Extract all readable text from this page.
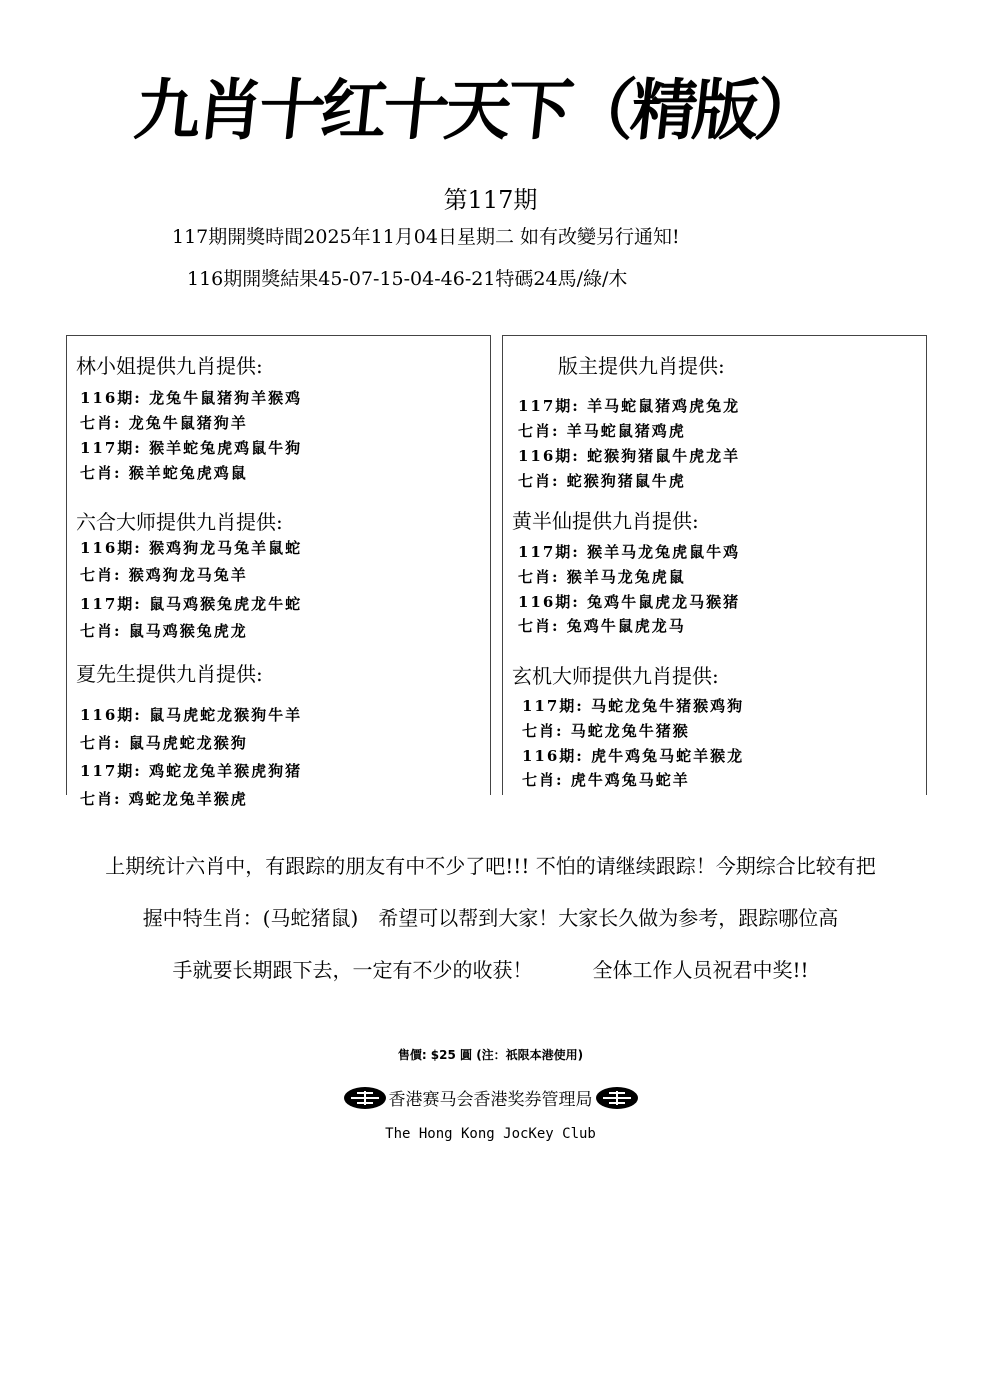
九肖十红十天下（精版）
第117期
117期開獎時間2025年11月04日星期二 如有改變另行通知!
116期開獎結果45-07-15-04-46-21特碼24馬/綠/木
林小姐提供九肖提供:
116期: 龙兔牛鼠猪狗羊猴鸡
七肖: 龙兔牛鼠猪狗羊
117期: 猴羊蛇兔虎鸡鼠牛狗
七肖: 猴羊蛇兔虎鸡鼠
六合大师提供九肖提供:
116期: 猴鸡狗龙马兔羊鼠蛇
七肖: 猴鸡狗龙马兔羊
117期: 鼠马鸡猴兔虎龙牛蛇
七肖: 鼠马鸡猴兔虎龙
夏先生提供九肖提供:
116期: 鼠马虎蛇龙猴狗牛羊
七肖: 鼠马虎蛇龙猴狗
117期: 鸡蛇龙兔羊猴虎狗猪
七肖: 鸡蛇龙兔羊猴虎
版主提供九肖提供:
117期: 羊马蛇鼠猪鸡虎兔龙
七肖: 羊马蛇鼠猪鸡虎
116期: 蛇猴狗猪鼠牛虎龙羊
七肖: 蛇猴狗猪鼠牛虎
黄半仙提供九肖提供:
117期: 猴羊马龙兔虎鼠牛鸡
七肖: 猴羊马龙兔虎鼠
116期: 兔鸡牛鼠虎龙马猴猪
七肖: 兔鸡牛鼠虎龙马
玄机大师提供九肖提供:
117期: 马蛇龙兔牛猪猴鸡狗
七肖: 马蛇龙兔牛猪猴
116期: 虎牛鸡兔马蛇羊猴龙
七肖: 虎牛鸡兔马蛇羊
上期统计六肖中，有跟踪的朋友有中不少了吧!!! 不怕的请继续跟踪！今期综合比较有把
握中特生肖：(马蛇猪鼠)　希望可以帮到大家！大家长久做为参考，跟踪哪位高
手就要长期跟下去，一定有不少的收获！　　　全体工作人员祝君中奖!!
售價: $25 圓 (注：祇限本港使用)
香港赛马会香港奖券管理局
The Hong Kong JocKey Club
